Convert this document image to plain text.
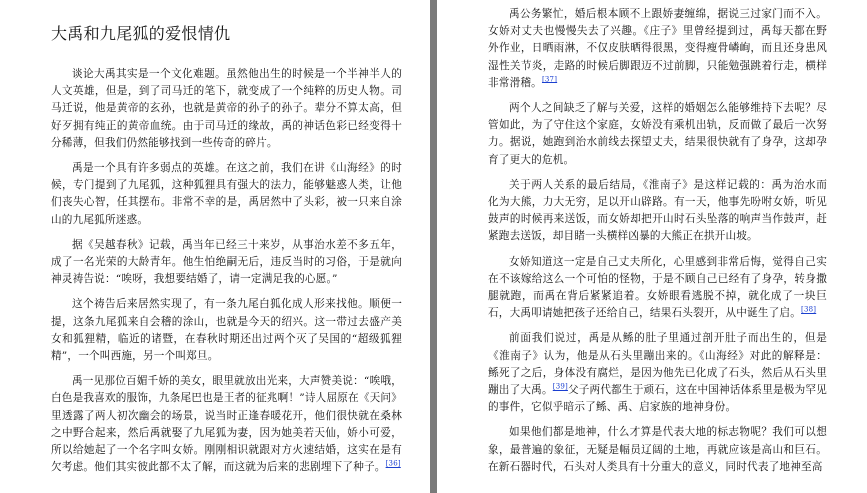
大禹和九尾狐的爱恨情仇

谈论大禹其实是一个文化难题。虽然他出生的时候是一个半神半人的人文英雄，但是，到了司马迁的笔下，就变成了一个纯粹的历史人物。司马迁说，他是黄帝的玄孙，也就是黄帝的孙子的孙子。辈分不算太高，但好歹拥有纯正的黄帝血统。由于司马迁的缘故，禹的神话色彩已经变得十分稀薄，但我们仍然能够找到一些传奇的碎片。

禹是一个具有许多弱点的英雄。在这之前，我们在讲《山海经》的时候，专门提到了九尾狐，这种狐狸具有强大的法力，能够魅惑人类，让他们丧失心智，任其摆布。非常不幸的是，禹居然中了头彩，被一只来自涂山的九尾狐所迷惑。

据《吴越春秋》记载，禹当年已经三十来岁，从事治水差不多五年，成了一名光荣的大龄青年。他生怕绝嗣无后，违反当时的习俗，于是就向神灵祷告说：“唉呀，我想要结婚了，请一定满足我的心愿。”

这个祷告后来居然实现了，有一条九尾白狐化成人形来找他。顺便一提，这条九尾狐来自会稽的涂山，也就是今天的绍兴。这一带过去盛产美女和狐狸精，临近的诸暨，在春秋时期还出过两个灭了吴国的“超级狐狸精”，一个叫西施，另一个叫郑旦。

禹一见那位百媚千娇的美女，眼里就放出光来，大声赞美说：“唉哦，白色是我喜欢的服饰，九条尾巴也是王者的征兆啊！”诗人屈原在《天问》里透露了两人初次幽会的场景，说当时正逢春暖花开，他们很快就在桑林之中野合起来，然后禹就娶了九尾狐为妻，因为她美若天仙，娇小可爱，所以给她起了一个名字叫女娇。刚刚相识就跟对方火速结婚，这实在是有欠考虑。他们其实彼此都不太了解，而这就为后来的悲剧埋下了种子。[36]

禹公务繁忙，婚后根本顾不上跟娇妻缠绵，据说三过家门而不入。女娇对丈夫也慢慢失去了兴趣。《庄子》里曾经提到过，禹每天都在野外作业，日晒雨淋，不仅皮肤晒得很黑，变得瘦骨嶙峋，而且还身患风湿性关节炎，走路的时候后脚跟迈不过前脚，只能勉强跳着行走，横样非常滑稽。[37]

两个人之间缺乏了解与关爱，这样的婚姻怎么能够维持下去呢？尽管如此，为了守住这个家庭，女娇没有乘机出轨，反而做了最后一次努力。据说，她跑到治水前线去探望丈夫，结果很快就有了身孕，这却孕育了更大的危机。

关于两人关系的最后结局，《淮南子》是这样记载的：禹为治水而化为大熊，力大无穷，足以开山辟路。有一天，他事先吩咐女娇，听见鼓声的时候再来送饭，而女娇却把开山时石头坠落的响声当作鼓声，赶紧跑去送饭，却目睹一头横样凶暴的大熊正在拱开山坡。

女娇知道这一定是自己丈夫所化，心里感到非常后悔，觉得自己实在不该嫁给这么一个可怕的怪物，于是不顾自己已经有了身孕，转身撒腿就跑，而禹在背后紧紧追着。女娇眼看逃脱不掉，就化成了一块巨石，大禹叩请她把孩子还给自己，结果石头裂开，从中诞生了启。[38]

前面我们说过，禹是从鲧的肚子里通过剖开肚子而出生的，但是《淮南子》认为，他是从石头里蹦出来的。《山海经》对此的解释是：鲧死了之后，身体没有腐烂，是因为他先已化成了石头，然后从石头里蹦出了大禹。[39]父子两代都生于顽石，这在中国神话体系里是极为罕见的事件，它似乎暗示了鲧、禹、启家族的地神身份。

如果他们都是地神，什么才算是代表大地的标志物呢？我们可以想象，最普遍的象征，无疑是幅员辽阔的土地，再就应该是高山和巨石。在新石器时代，石头对人类具有十分重大的意义，同时代表了地神至高
